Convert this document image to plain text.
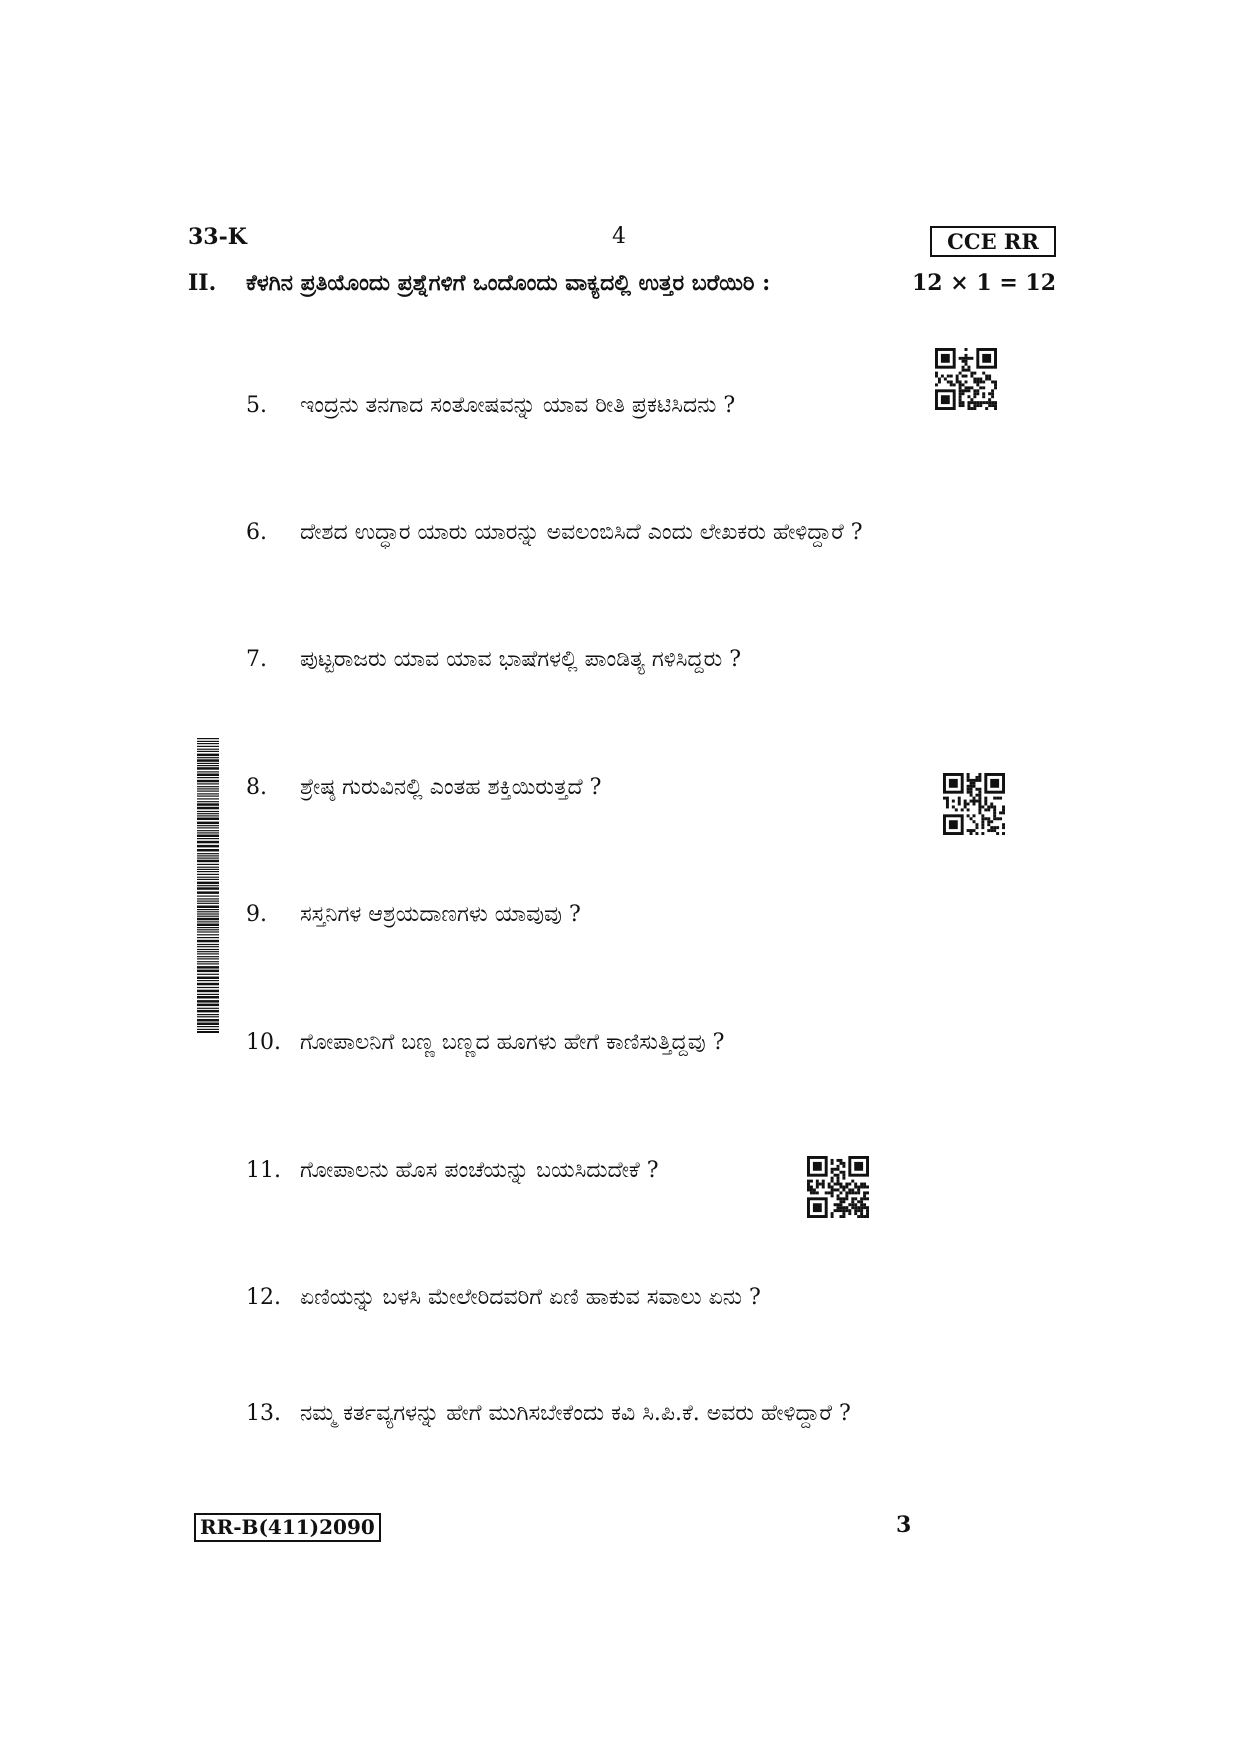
33-K	4	CCE RR
II. ಕೆಳಗಿನ ಪ್ರತಿಯೊಂದು ಪ್ರಶ್ನೆಗಳಿಗೆ ಒಂದೊಂದು ವಾಕ್ಯದಲ್ಲಿ ಉತ್ತರ ಬರೆಯಿರಿ :	12 × 1 = 12
5. ಇಂದ್ರನು ತನಗಾದ ಸಂತೋಷವನ್ನು ಯಾವ ರೀತಿ ಪ್ರಕಟಿಸಿದನು ?
6. ದೇಶದ ಉದ್ಧಾರ ಯಾರು ಯಾರನ್ನು ಅವಲಂಬಿಸಿದೆ ಎಂದು ಲೇಖಕರು ಹೇಳಿದ್ದಾರೆ ?
7. ಪುಟ್ಟರಾಜರು ಯಾವ ಯಾವ ಭಾಷೆಗಳಲ್ಲಿ ಪಾಂಡಿತ್ಯ ಗಳಿಸಿದ್ದರು ?
8. ಶ್ರೇಷ್ಠ ಗುರುವಿನಲ್ಲಿ ಎಂತಹ ಶಕ್ತಿಯಿರುತ್ತದೆ ?
9. ಸಸ್ತನಿಗಳ ಆಶ್ರಯದಾಣಗಳು ಯಾವುವು ?
10. ಗೋಪಾಲನಿಗೆ ಬಣ್ಣ ಬಣ್ಣದ ಹೂಗಳು ಹೇಗೆ ಕಾಣಿಸುತ್ತಿದ್ದವು ?
11. ಗೋಪಾಲನು ಹೊಸ ಪಂಚೆಯನ್ನು ಬಯಸಿದುದೇಕೆ ?
12. ಏಣಿಯನ್ನು ಬಳಸಿ ಮೇಲೇರಿದವರಿಗೆ ಏಣಿ ಹಾಕುವ ಸವಾಲು ಏನು ?
13. ನಮ್ಮ ಕರ್ತವ್ಯಗಳನ್ನು ಹೇಗೆ ಮುಗಿಸಬೇಕೆಂದು ಕವಿ ಸಿ.ಪಿ.ಕೆ. ಅವರು ಹೇಳಿದ್ದಾರೆ ?
RR-B(411)2090	3
